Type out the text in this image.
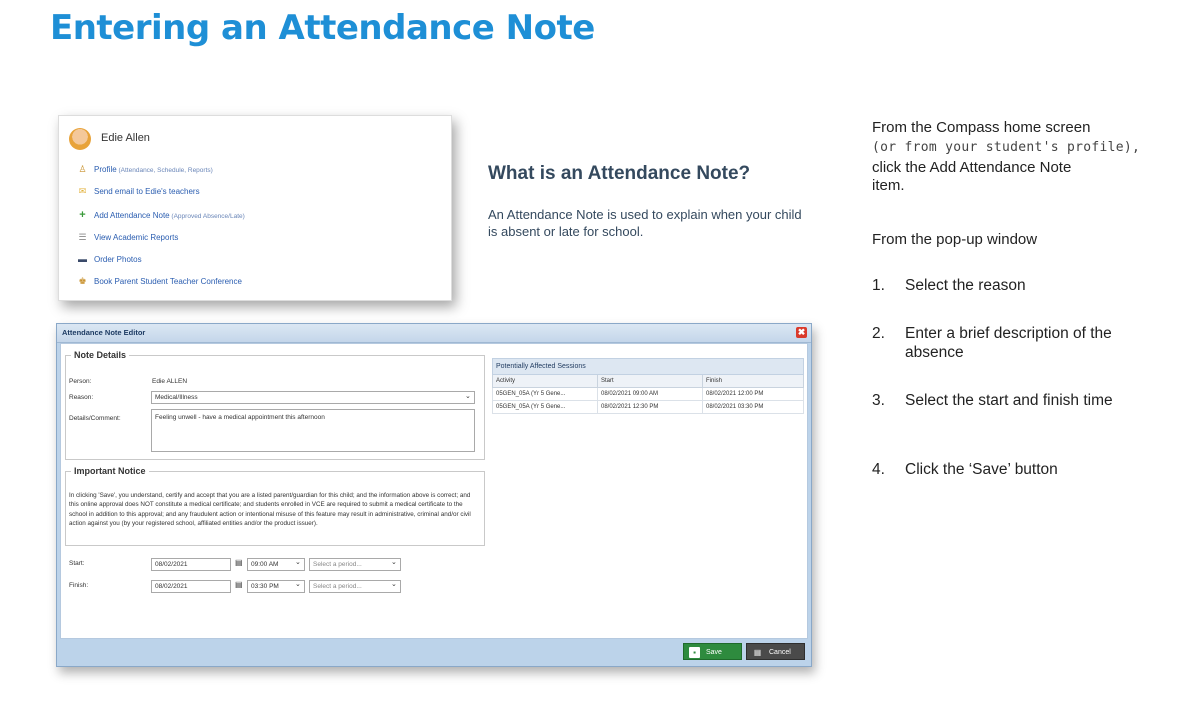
Entering an Attendance Note
Edie Allen
♙ Profile (Attendance, Schedule, Reports)
✉ Send email to Edie's teachers
+ Add Attendance Note (Approved Absence/Late)
☰ View Academic Reports
▬ Order Photos
♚ Book Parent Student Teacher Conference
What is an Attendance Note?
An Attendance Note is used to explain when your child is absent or late for school.
Attendance Note Editor	✖
Note Details
Person:	Edie ALLEN
Reason:	Medical/Illness	⌄
Details/Comment:	Feeling unwell - have a medical appointment this afternoon
Important Notice
In clicking 'Save', you understand, certify and accept that you are a listed parent/guardian for this child; and the information above is correct; and this online approval does NOT constitute a medical certificate; and students enrolled in VCE are required to submit a medical certificate to the school in addition to this approval; and any fraudulent action or intentional misuse of this feature may result in administrative, criminal and/or civil action against you (by your registered school, affiliated entities and/or the product issuer).
Start:	08/02/2021	▤	09:00 AM	⌄	Select a period...	⌄
Finish:	08/02/2021	▤	03:30 PM	⌄	Select a period...	⌄
Potentially Affected Sessions		
Activity	Start	Finish
05GEN_05A (Yr 5 Gene...	08/02/2021 09:00 AM	08/02/2021 12:00 PM
05GEN_05A (Yr 5 Gene...	08/02/2021 12:30 PM	08/02/2021 03:30 PM
▪	Save	▦ Cancel
From the Compass home screen
(or from your student's profile),
click the Add Attendance Note
item.
From the pop-up window
1. Select the reason
2. Enter a brief description of the absence
3. Select the start and finish time
4. Click the ‘Save’ button
